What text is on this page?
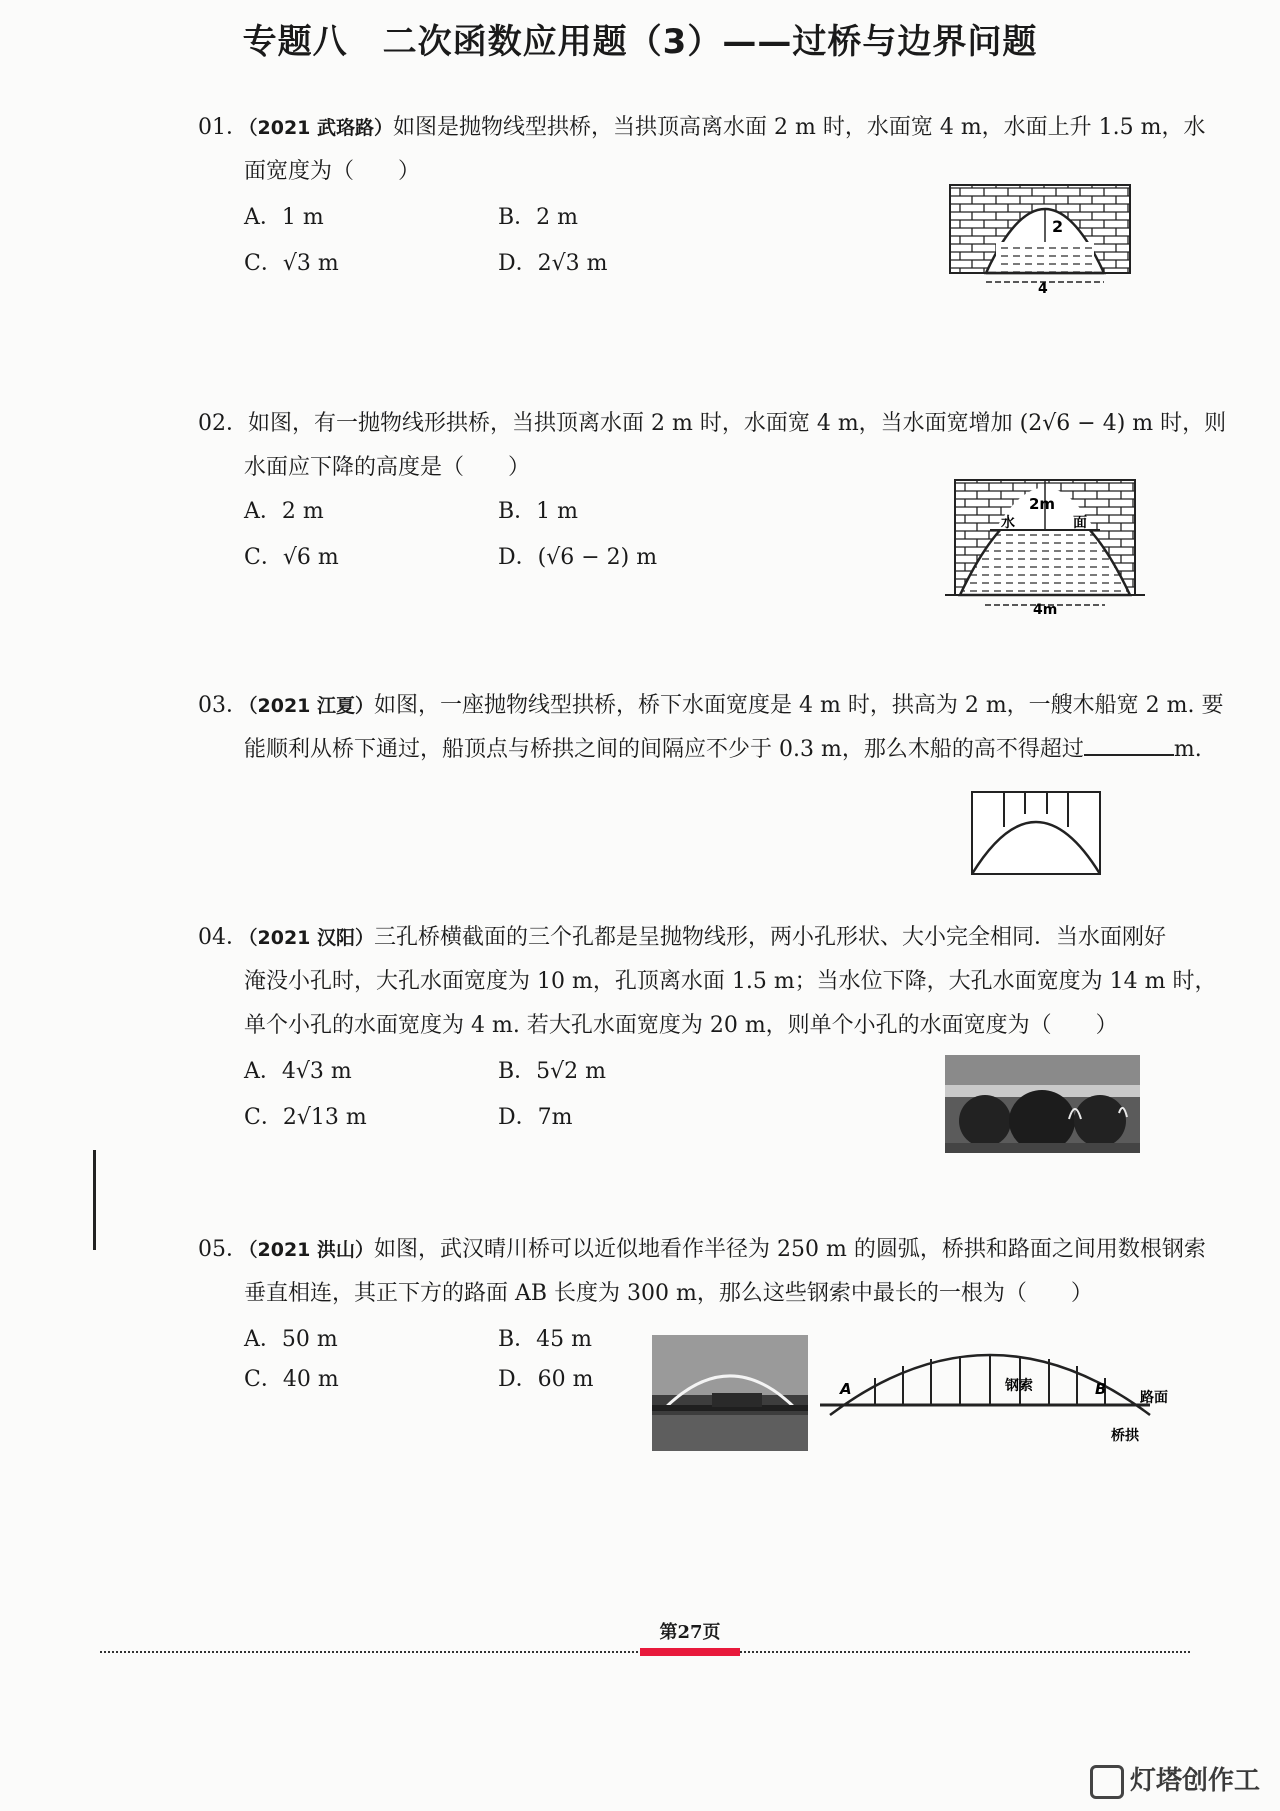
专题八　二次函数应用题（3）——过桥与边界问题
01．（2021 武珞路）如图是抛物线型拱桥，当拱顶高离水面 2 m 时，水面宽 4 m，水面上升 1.5 m，水
面宽度为（　　）
A．1 m	B．2 m
C．√3 m	D．2√3 m
2
4
02．如图，有一抛物线形拱桥，当拱顶离水面 2 m 时，水面宽 4 m，当水面宽增加 (2√6 − 4) m 时，则
水面应下降的高度是（　　）
A．2 m	B．1 m
C．√6 m	D．(√6 − 2) m
2m
水	面
4m
03．（2021 江夏）如图，一座抛物线型拱桥，桥下水面宽度是 4 m 时，拱高为 2 m，一艘木船宽 2 m. 要
能顺利从桥下通过，船顶点与桥拱之间的间隔应不少于 0.3 m，那么木船的高不得超过	m.
04．（2021 汉阳）三孔桥横截面的三个孔都是呈抛物线形，两小孔形状、大小完全相同．当水面刚好
淹没小孔时，大孔水面宽度为 10 m，孔顶离水面 1.5 m；当水位下降，大孔水面宽度为 14 m 时，
单个小孔的水面宽度为 4 m. 若大孔水面宽度为 20 m，则单个小孔的水面宽度为（　　）
A．4√3 m	B．5√2 m
C．2√13 m	D．7m
05．（2021 洪山）如图，武汉晴川桥可以近似地看作半径为 250 m 的圆弧，桥拱和路面之间用数根钢索
垂直相连，其正下方的路面 AB 长度为 300 m，那么这些钢索中最长的一根为（　　）
A．50 m	B．45 m
C．40 m	D．60 m	A	B
钢索
路面
桥拱
第27页
灯塔创作工
